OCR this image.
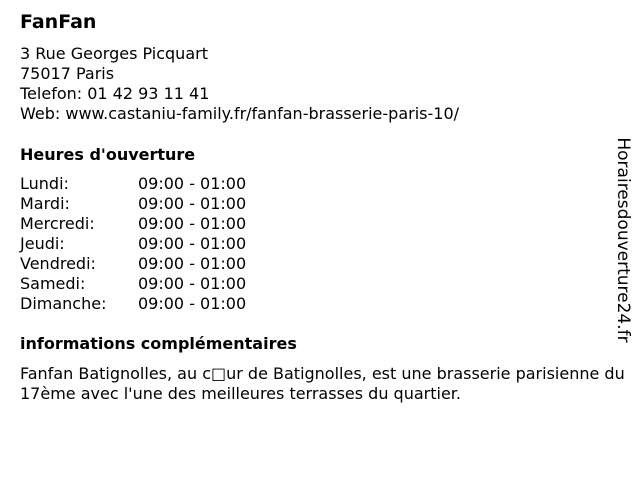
FanFan
3 Rue Georges Picquart
75017 Paris
Telefon: 01 42 93 11 41
Web: www.castaniu-family.fr/fanfan-brasserie-paris-10/
Heures d'ouverture
Lundi:	09:00 - 01:00
Mardi:	09:00 - 01:00
Mercredi:	09:00 - 01:00
Jeudi:	09:00 - 01:00
Vendredi:	09:00 - 01:00
Samedi:	09:00 - 01:00
Dimanche:	09:00 - 01:00
informations complémentaires
Fanfan Batignolles, au c□ur de Batignolles, est une brasserie parisienne du 17ème avec l'une des meilleures terrasses du quartier.
Horairesdouverture24.fr
